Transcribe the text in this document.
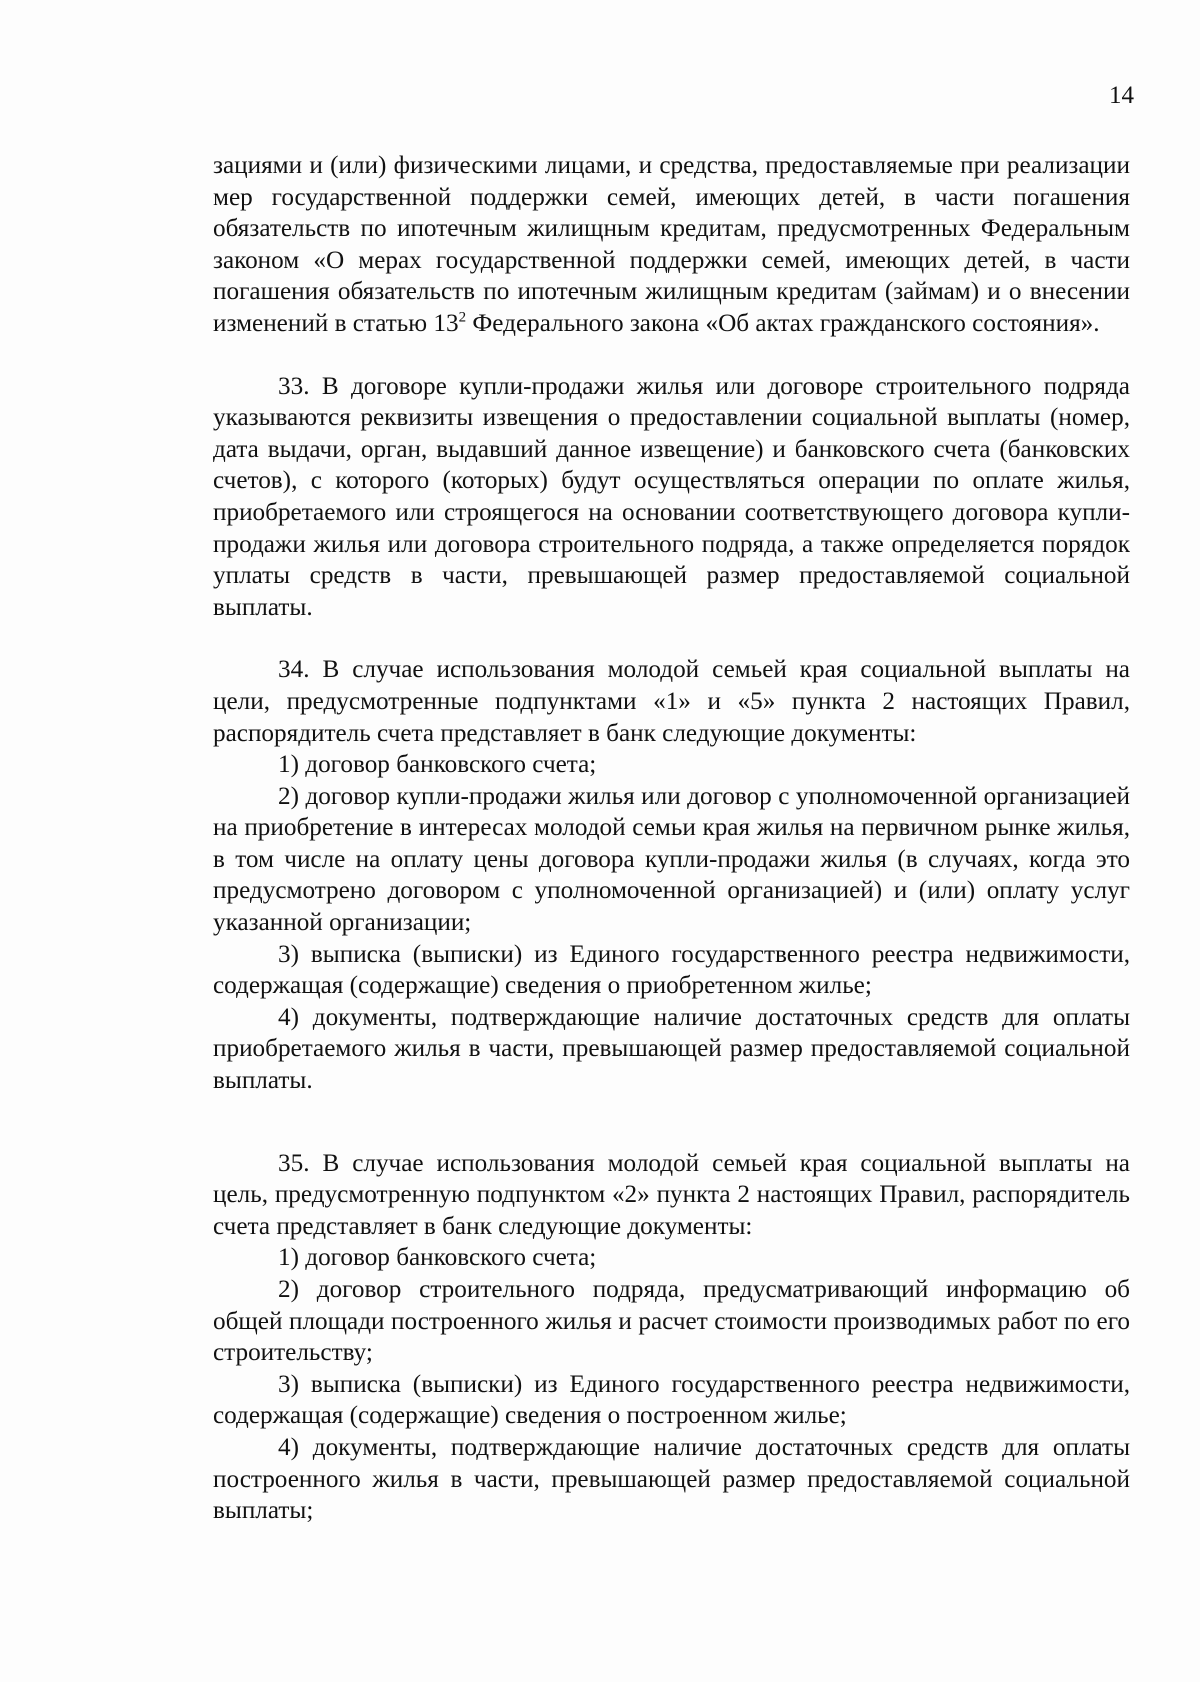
14

зациями и (или) физическими лицами, и средства, предоставляемые при реализации мер государственной поддержки семей, имеющих детей, в части погашения обязательств по ипотечным жилищным кредитам, предусмотренных Федеральным законом «О мерах государственной поддержки семей, имеющих детей, в части погашения обязательств по ипотечным жилищным кредитам (займам) и о внесении изменений в статью $13^2$ Федерального закона «Об актах гражданского состояния».

33. В договоре купли-продажи жилья или договоре строительного подряда указываются реквизиты извещения о предоставлении социальной выплаты (номер, дата выдачи, орган, выдавший данное извещение) и банковского счета (банковских счетов), с которого (которых) будут осуществляться операции по оплате жилья, приобретаемого или строящегося на основании соответствующего договора купли-продажи жилья или договора строительного подряда, а также определяется порядок уплаты средств в части, превышающей размер предоставляемой социальной выплаты.

34. В случае использования молодой семьей края социальной выплаты на цели, предусмотренные подпунктами «1» и «5» пункта 2 настоящих Правил, распорядитель счета представляет в банк следующие документы:

1) договор банковского счета;

2) договор купли-продажи жилья или договор с уполномоченной организацией на приобретение в интересах молодой семьи края жилья на первичном рынке жилья, в том числе на оплату цены договора купли-продажи жилья (в случаях, когда это предусмотрено договором с уполномоченной организацией) и (или) оплату услуг указанной организации;

3) выписка (выписки) из Единого государственного реестра недвижимости, содержащая (содержащие) сведения о приобретенном жилье;

4) документы, подтверждающие наличие достаточных средств для оплаты приобретаемого жилья в части, превышающей размер предоставляемой социальной выплаты.

35. В случае использования молодой семьей края социальной выплаты на цель, предусмотренную подпунктом «2» пункта 2 настоящих Правил, распорядитель счета представляет в банк следующие документы:

1) договор банковского счета;

2) договор строительного подряда, предусматривающий информацию об общей площади построенного жилья и расчет стоимости производимых работ по его строительству;

3) выписка (выписки) из Единого государственного реестра недвижимости, содержащая (содержащие) сведения о построенном жилье;

4) документы, подтверждающие наличие достаточных средств для оплаты построенного жилья в части, превышающей размер предоставляемой социальной выплаты;
